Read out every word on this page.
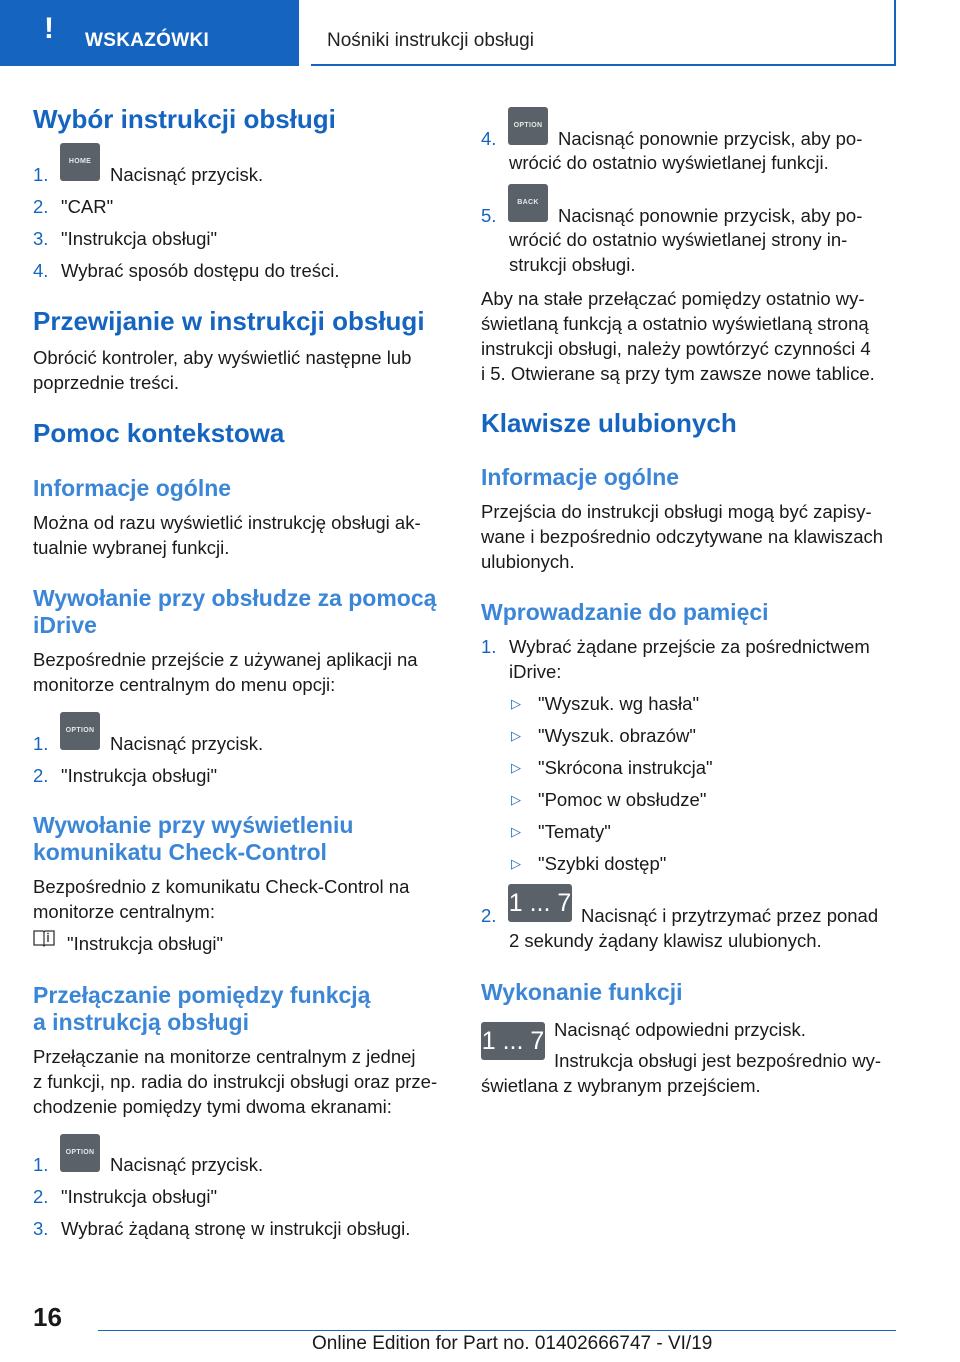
! WSKAZÓWKI	Nośniki instrukcji obsługi
Wybór instrukcji obsługi
1.
HOME
Nacisnąć przycisk.
2. "CAR"
3. "Instrukcja obsługi"
4. Wybrać sposób dostępu do treści.
Przewijanie w instrukcji obsługi

Obrócić kontroler, aby wyświetlić następne lub

poprzednie treści.

Pomoc kontekstowa
Informacje ogólne

Można od razu wyświetlić instrukcję obsługi ak-

tualnie wybranej funkcji.

Wywołanie przy obsłudze za pomocą
iDrive

Bezpośrednie przejście z używanej aplikacji na

monitorze centralnym do menu opcji:

1.
OPTION
Nacisnąć przycisk.
2. "Instrukcja obsługi"
Wywołanie przy wyświetleniu
komunikatu Check-Control

Bezpośrednio z komunikatu Check-Control na

monitorze centralnym:

"Instrukcja obsługi"
Przełączanie pomiędzy funkcją
a instrukcją obsługi

Przełączanie na monitorze centralnym z jednej

z funkcji, np. radia do instrukcji obsługi oraz prze-

chodzenie pomiędzy tymi dwoma ekranami:

1.
OPTION
Nacisnąć przycisk.
2. "Instrukcja obsługi"
3. Wybrać żądaną stronę w instrukcji obsługi.
4.
OPTION
Nacisnąć ponownie przycisk, aby po-
wrócić do ostatnio wyświetlanej funkcji.
5.
BACK
Nacisnąć ponownie przycisk, aby po-
wrócić do ostatnio wyświetlanej strony in-
strukcji obsługi.

Aby na stałe przełączać pomiędzy ostatnio wy-

świetlaną funkcją a ostatnio wyświetlaną stroną

instrukcji obsługi, należy powtórzyć czynności 4

i 5. Otwierane są przy tym zawsze nowe tablice.

Klawisze ulubionych
Informacje ogólne

Przejścia do instrukcji obsługi mogą być zapisy-

wane i bezpośrednio odczytywane na klawiszach

ulubionych.

Wprowadzanie do pamięci
1. Wybrać żądane przejście za pośrednictwem
iDrive:
▷ "Wyszuk. wg hasła"
▷ "Wyszuk. obrazów"
▷ "Skrócona instrukcja"
▷ "Pomoc w obsłudze"
▷ "Tematy"
▷ "Szybki dostęp"
2. 1 ... 7 Nacisnąć i przytrzymać przez ponad
2 sekundy żądany klawisz ulubionych.
Wykonanie funkcji
1 ... 7 Nacisnąć odpowiedni przycisk.

Instrukcja obsługi jest bezpośrednio wy-

świetlana z wybranym przejściem.

16
Online Edition for Part no. 01402666747 - VI/19
